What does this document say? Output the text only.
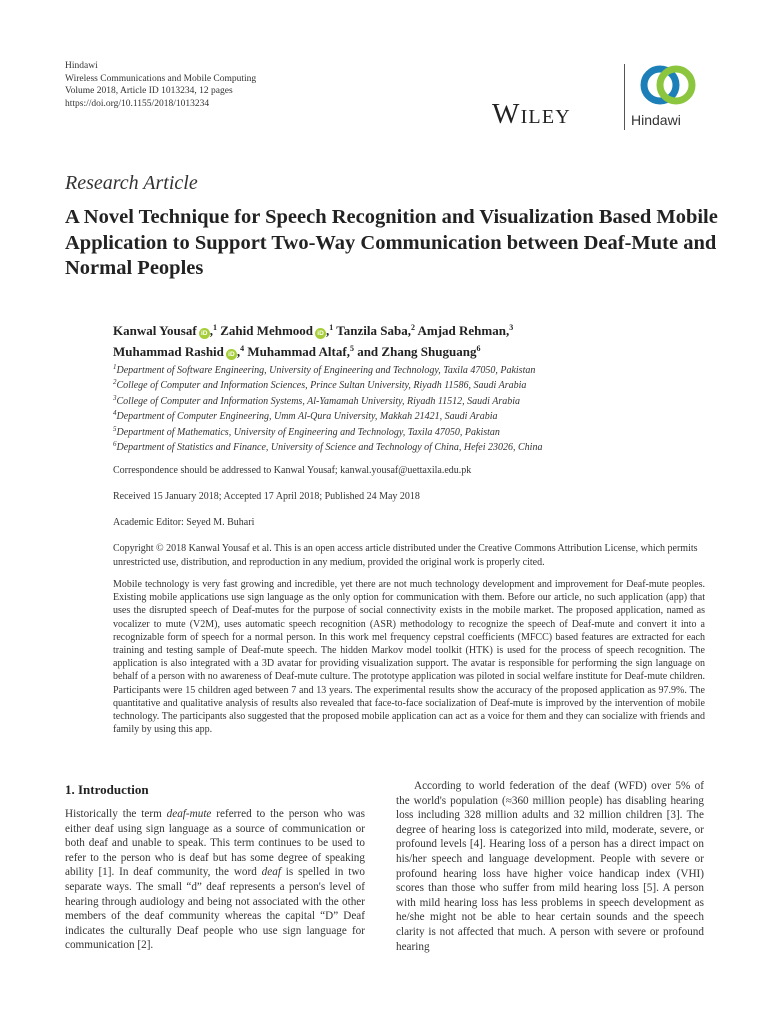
Hindawi
Wireless Communications and Mobile Computing
Volume 2018, Article ID 1013234, 12 pages
https://doi.org/10.1155/2018/1013234	Wiley	Hindawi
Research Article
A Novel Technique for Speech Recognition and Visualization Based Mobile Application to Support Two-Way Communication between Deaf-Mute and Normal Peoples
Kanwal Yousaf iD ,$^1$ Zahid Mehmood iD ,$^1$ Tanzila Saba,$^2$ Amjad Rehman,$^3$
Muhammad Rashid iD ,$^4$ Muhammad Altaf,$^5$ and Zhang Shuguang$^6$
$^1$Department of Software Engineering, University of Engineering and Technology, Taxila 47050, Pakistan
$^2$College of Computer and Information Sciences, Prince Sultan University, Riyadh 11586, Saudi Arabia
$^3$College of Computer and Information Systems, Al-Yamamah University, Riyadh 11512, Saudi Arabia
$^4$Department of Computer Engineering, Umm Al-Qura University, Makkah 21421, Saudi Arabia
$^5$Department of Mathematics, University of Engineering and Technology, Taxila 47050, Pakistan
$^6$Department of Statistics and Finance, University of Science and Technology of China, Hefei 23026, China
Correspondence should be addressed to Kanwal Yousaf; kanwal.yousaf@uettaxila.edu.pk
Received 15 January 2018; Accepted 17 April 2018; Published 24 May 2018
Academic Editor: Seyed M. Buhari
Copyright © 2018 Kanwal Yousaf et al. This is an open access article distributed under the Creative Commons Attribution License, which permits unrestricted use, distribution, and reproduction in any medium, provided the original work is properly cited.
Mobile technology is very fast growing and incredible, yet there are not much technology development and improvement for Deaf-mute peoples. Existing mobile applications use sign language as the only option for communication with them. Before our article, no such application (app) that uses the disrupted speech of Deaf-mutes for the purpose of social connectivity exists in the mobile market. The proposed application, named as vocalizer to mute (V2M), uses automatic speech recognition (ASR) methodology to recognize the speech of Deaf-mute and convert it into a recognizable form of speech for a normal person. In this work mel frequency cepstral coefficients (MFCC) based features are extracted for each training and testing sample of Deaf-mute speech. The hidden Markov model toolkit (HTK) is used for the process of speech recognition. The application is also integrated with a 3D avatar for providing visualization support. The avatar is responsible for performing the sign language on behalf of a person with no awareness of Deaf-mute culture. The prototype application was piloted in social welfare institute for Deaf-mute children. Participants were 15 children aged between 7 and 13 years. The experimental results show the accuracy of the proposed application as 97.9%. The quantitative and qualitative analysis of results also revealed that face-to-face socialization of Deaf-mute is improved by the intervention of mobile technology. The participants also suggested that the proposed mobile application can act as a voice for them and they can socialize with friends and family by using this app.
1. Introduction

Historically the term deaf-mute referred to the person who was either deaf using sign language as a source of communication or both deaf and unable to speak. This term continues to be used to refer to the person who is deaf but has some degree of speaking ability [1]. In deaf community, the word deaf is spelled in two separate ways. The small “d” deaf represents a person's level of hearing through audiology and being not associated with the other members of the deaf community whereas the capital “D” Deaf indicates the culturally Deaf people who use sign language for communication [2].

According to world federation of the deaf (WFD) over 5% of the world's population (≈360 million people) has disabling hearing loss including 328 million adults and 32 million children [3]. The degree of hearing loss is categorized into mild, moderate, severe, or profound levels [4]. Hearing loss of a person has a direct impact on his/her speech and language development. People with severe or profound hearing loss have higher voice handicap index (VHI) scores than those who suffer from mild hearing loss [5]. A person with mild hearing loss has less problems in speech development as he/she might not be able to hear certain sounds and the speech clarity is not affected that much. A person with severe or profound hearing
